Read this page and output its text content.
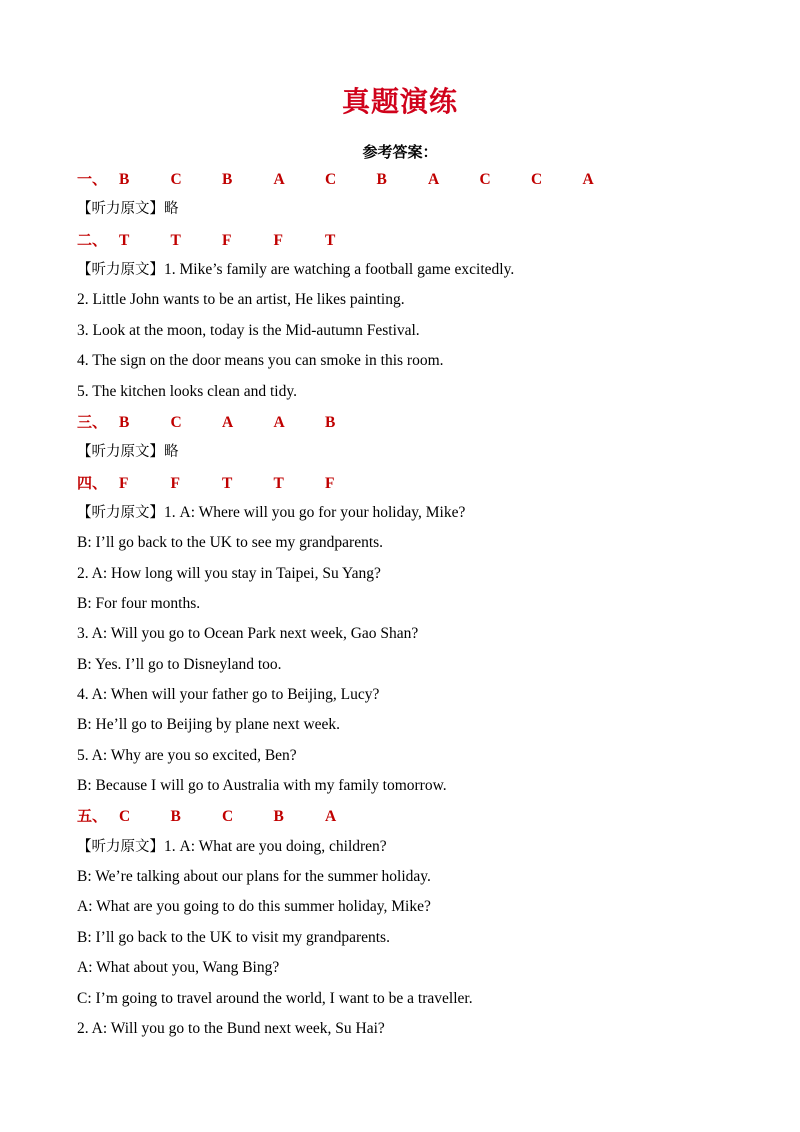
真题演练
参考答案：
一、 B	C	B	A	C	B	A	C	C	A
【听力原文】略
二、 T	T	F	F	T
【听力原文】1. Mike’s family are watching a football game excitedly.
2. Little John wants to be an artist, He likes painting.
3. Look at the moon, today is the Mid-autumn Festival.
4. The sign on the door means you can smoke in this room.
5. The kitchen looks clean and tidy.
三、 B	C	A	A	B
【听力原文】略
四、 F	F	T	T	F
【听力原文】1. A: Where will you go for your holiday, Mike?
B: I’ll go back to the UK to see my grandparents.
2. A: How long will you stay in Taipei, Su Yang?
B: For four months.
3. A: Will you go to Ocean Park next week, Gao Shan?
B: Yes. I’ll go to Disneyland too.
4. A: When will your father go to Beijing, Lucy?
B: He’ll go to Beijing by plane next week.
5. A: Why are you so excited, Ben?
B: Because I will go to Australia with my family tomorrow.
五、 C	B	C	B	A
【听力原文】1. A: What are you doing, children?
B: We’re talking about our plans for the summer holiday.
A: What are you going to do this summer holiday, Mike?
B: I’ll go back to the UK to visit my grandparents.
A: What about you, Wang Bing?
C: I’m going to travel around the world, I want to be a traveller.
2. A: Will you go to the Bund next week, Su Hai?
